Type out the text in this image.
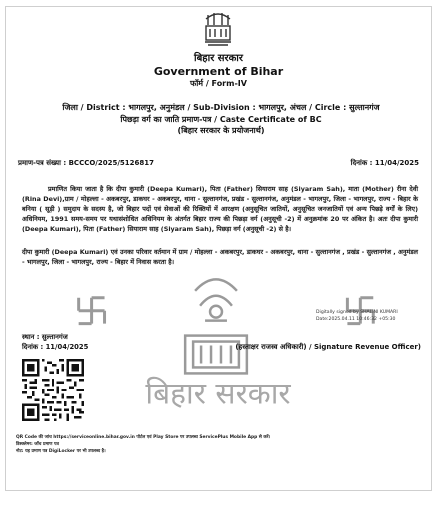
बिहार सरकार
बिहार सरकार
Government of Bihar
फॉर्म / Form-IV
जिला / District : भागलपुर, अनुमंडल / Sub-Division : भागलपुर, अंचल / Circle : सुल्तानगंज
पिछड़ा वर्ग का जाति प्रमाण-पत्र / Caste Certificate of BC
(बिहार सरकार के प्रयोजनार्थ)
प्रमाण-पत्र संख्या : BCCCO/2025/5126817	दिनांक : 11/04/2025
प्रमाणित किया जाता है कि दीपा कुमारी (Deepa Kumari), पिता (Father) सियाराम साह (Siyaram Sah), माता (Mother) रीना देवी (Rina Devi),ग्राम / मोहल्ला - अकबरपुर, डाकघर - अकबरपुर, थाना - सुल्तानगंज, प्रखंड - सुल्तानगंज, अनुमंडल - भागलपुर, जिला - भागलपुर, राज्य - बिहार के बनिया ( सूड़ी ) समुदाय के सदस्य है, जो बिहार पदों एवं सेवाओं की रिक्तियों में आरक्षण (अनुसूचित जातियों, अनुसूचित जनजातियों एवं अन्य पिछड़े वर्गों के लिए) अधिनियम, 1991 समय-समय पर यथासंशोधित अधिनियम के अंतर्गत बिहार राज्य की पिछड़ा वर्ग (अनुसूची -2) में अनुक्रमांक 20 पर अंकित है। अतः दीपा कुमारी (Deepa Kumari), पिता (Father) सियाराम साह (Siyaram Sah), पिछड़ा वर्ग (अनुसूची -2) से है।
दीपा कुमारी (Deepa Kumari) एवं उनका परिवार वर्तमान में ग्राम / मोहल्ला - अकबरपुर, डाकघर - अकबरपुर, थाना - सुल्तानगंज , प्रखंड - सुल्तानगंज , अनुमंडल - भागलपुर, जिला - भागलपुर, राज्य - बिहार में निवास करता है।
Digitally signed by SHALINI KUMARI
Date:2025.04.11 10:46:32 +05:30
स्थान : सुल्तानगंज
दिनांक : 11/04/2025	(हस्ताक्षर राजस्व अधिकारी) / Signature Revenue Officer)
QR Code की जांच https://serviceonline.bihar.gov.in पोर्टल एवं Play Store पर उपलब्ध ServicePlus Mobile App से करें।
डिस्क्लेमर: जाँच प्रमाण पत्र
नोट: यह प्रमाण पत्र DigiLocker पर भी उपलब्ध है।
